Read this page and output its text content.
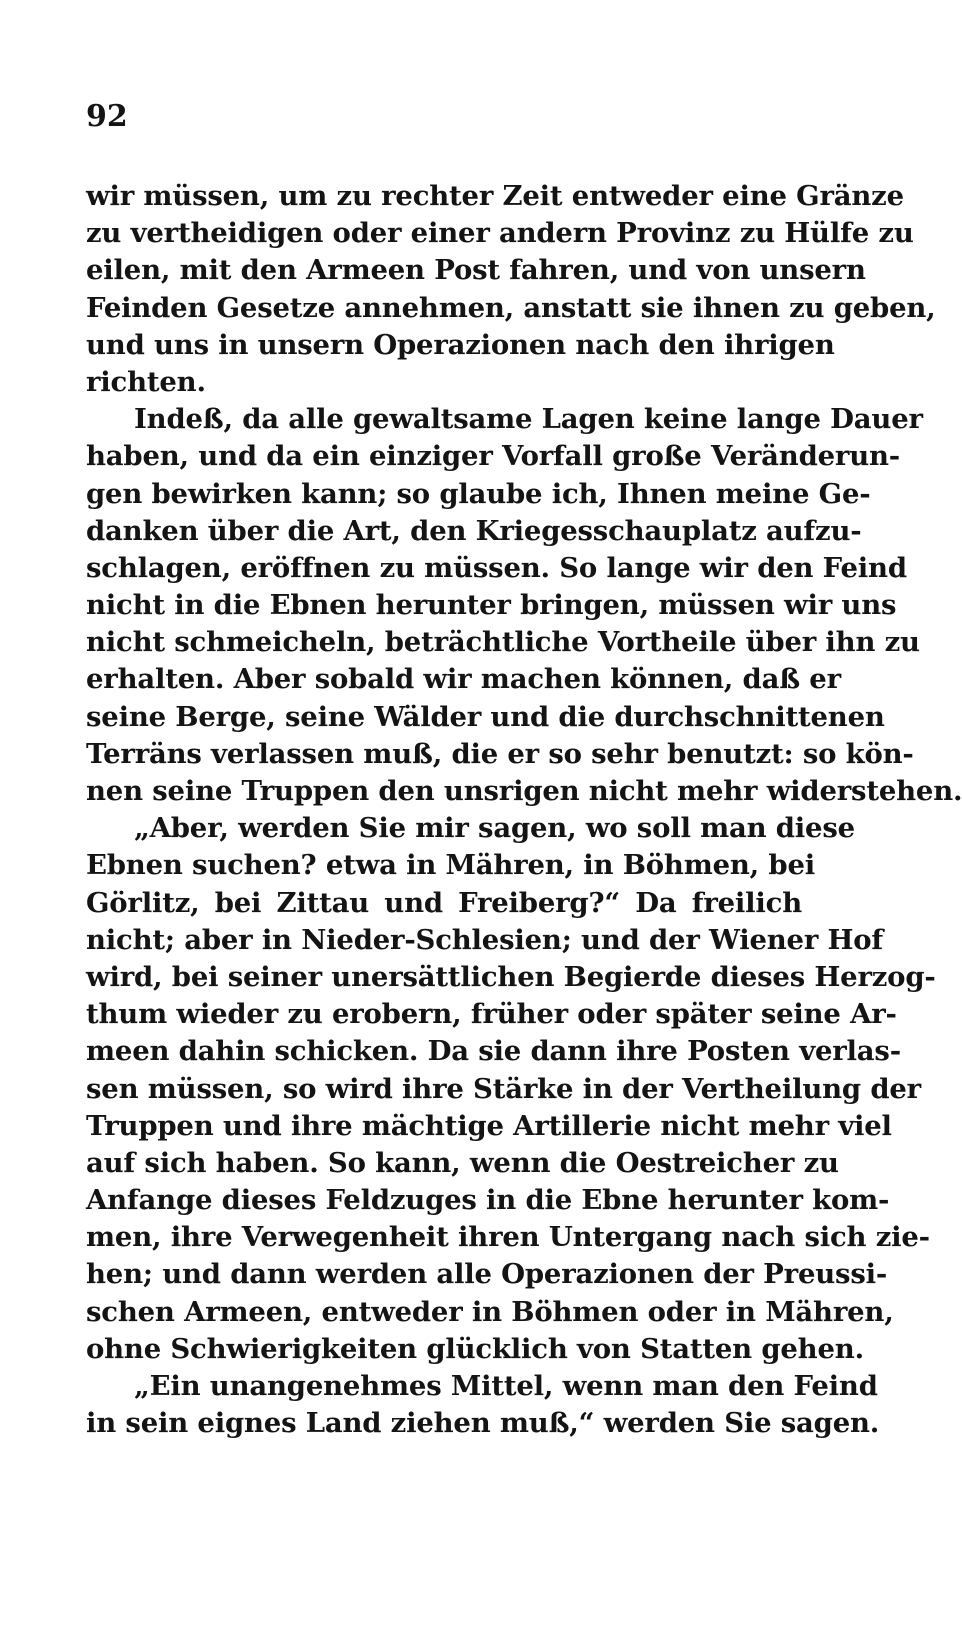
92
wir müssen, um zu rechter Zeit entweder eine Gränze
zu vertheidigen oder einer andern Provinz zu Hülfe zu
eilen, mit den Armeen Post fahren, und von unsern
Feinden Gesetze annehmen, anstatt sie ihnen zu geben,
und uns in unsern Operazionen nach den ihrigen
richten.
Indeß, da alle gewaltsame Lagen keine lange Dauer
haben, und da ein einziger Vorfall große Veränderun-
gen bewirken kann; so glaube ich, Ihnen meine Ge-
danken über die Art, den Kriegesschauplatz aufzu-
schlagen, eröffnen zu müssen. So lange wir den Feind
nicht in die Ebnen herunter bringen, müssen wir uns
nicht schmeicheln, beträchtliche Vortheile über ihn zu
erhalten. Aber sobald wir machen können, daß er
seine Berge, seine Wälder und die durchschnittenen
Terräns verlassen muß, die er so sehr benutzt: so kön-
nen seine Truppen den unsrigen nicht mehr widerstehen.
„Aber, werden Sie mir sagen, wo soll man diese
Ebnen suchen? etwa in Mähren, in Böhmen, bei
Görlitz, bei Zittau und Freiberg?“ Da freilich
nicht; aber in Nieder-Schlesien; und der Wiener Hof
wird, bei seiner unersättlichen Begierde dieses Herzog-
thum wieder zu erobern, früher oder später seine Ar-
meen dahin schicken. Da sie dann ihre Posten verlas-
sen müssen, so wird ihre Stärke in der Vertheilung der
Truppen und ihre mächtige Artillerie nicht mehr viel
auf sich haben. So kann, wenn die Oestreicher zu
Anfange dieses Feldzuges in die Ebne herunter kom-
men, ihre Verwegenheit ihren Untergang nach sich zie-
hen; und dann werden alle Operazionen der Preussi-
schen Armeen, entweder in Böhmen oder in Mähren,
ohne Schwierigkeiten glücklich von Statten gehen.
„Ein unangenehmes Mittel, wenn man den Feind
in sein eignes Land ziehen muß,“ werden Sie sagen.
